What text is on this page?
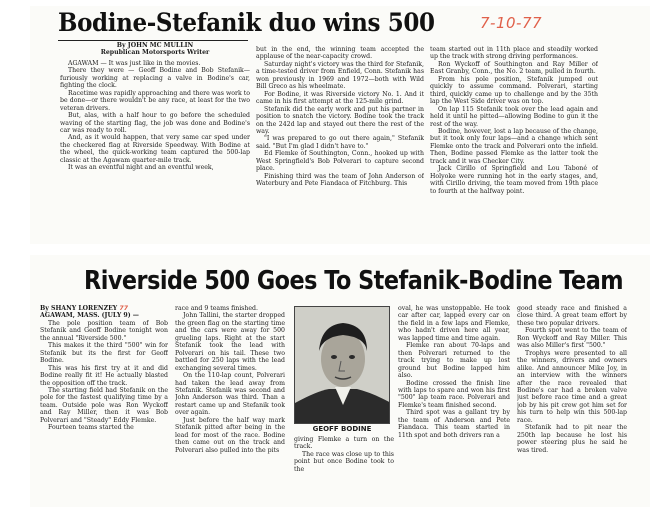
Bodine-Stefanik duo wins 500	7-10-77

By JOHN MC MULLIN

Republican Motorsports Writer

AGAWAM — It was just like in the movies.

There they were — Geoff Bodine and Bob Stefanik—furiously working at replacing a valve in Bodine's car, fighting the clock.

Racetime was rapidly approaching and there was work to be done—or there wouldn't be any race, at least for the two veteran drivers.

But, alas, with a half hour to go before the scheduled waving of the starting flag, the job was done and Bodine's car was ready to roll.

And, as it would happen, that very same car sped under the checkered flag at Riverside Speedway. With Bodine at the wheel, the quick-working team captured the 500-lap classic at the Agawam quarter-mile track.

It was an eventful night and an eventful week,

but in the end, the winning team accepted the applause of the near-capacity crowd.

Saturday night's victory was the third for Stefanik, a time-tested driver from Enfield, Conn. Stefanik has won previously in 1969 and 1972—both with Wild Bill Greco as his wheelmate.

For Bodine, it was Riverside victory No. 1. And it came in his first attempt at the 125-mile grind.

Stefanik did the early work and put his partner in position to snatch the victory. Bodine took the track on the 242d lap and stayed out there the rest of the way.

"I was prepared to go out there again," Stefanik said. "But I'm glad I didn't have to."

Ed Flemke of Southington, Conn., hooked up with West Springfield's Bob Polverari to capture second place.

Finishing third was the team of John Anderson of Waterbury and Pete Fiandaca of Fitchburg. This

team started out in 11th place and steadily worked up the track with strong driving performances.

Ron Wyckoff of Southington and Ray Miller of East Granby, Conn., the No. 2 team, pulled in fourth.

From his pole position, Stefanik jumped out quickly to assume command. Polverari, starting third, quickly came up to challenge and by the 35th lap the West Side driver was on top.

On lap 115 Stefanik took over the lead again and held it until he pitted—allowing Bodine to gun it the rest of the way.

Bodine, however, lost a lap because of the change, but it took only four laps—and a change which sent Flemke onto the track and Polverari onto the infield. Then, Bodine passed Flemke as the latter took the track and it was Checker City.

Jack Cirillo of Springfield and Lou Taboné of Holyoke were running hot in the early stages, and, with Cirillo driving, the team moved from 19th place to fourth at the halfway point.

Riverside 500 Goes To Stefanik-Bodine Team

By SHANY LORENZEY 77

AGAWAM, MASS. (JULY 9) —

The pole position team of Bob Stefanik and Geoff Bodine tonight won the annual "Riverside 500."

This makes it the third "500" win for Stefanik but its the first for Geoff Bodine.

This was his first try at it and did Bodine really fit it! He actually blasted the opposition off the track.

The starting field had Stefanik on the pole for the fastest qualifying time by a team. Outside pole was Ron Wyckoff and Ray Miller, then it was Bob Polverari and "Steady" Eddy Flemke.

Fourteen teams started the

race and 9 teams finished.

John Tallini, the starter dropped the green flag on the starting time and the cars were away for 500 grueling laps. Right at the start Stefanik took the lead with Polverari on his tail. These two battled for 250 laps with the lead exchanging several times.

On the 110-lap count, Polverari had taken the lead away from Stefanik. Stefanik was second and John Anderson was third. Than a restart came up and Stefanik took over again.

Just before the half way mark Stefanik pitted after being in the lead for most of the race. Bodine then came out on the track and Polverari also pulled into the pits

GEOFF BODINE

giving Flemke a turn on the track.

The race was close up to this point but once Bodine took to the

oval, he was unstoppable. He took car after car, lapped every car on the field in a few laps and Flemke, who hadn't driven here all year, was lapped time and time again.

Flemke ran about 70-laps and then Polverari returned to the track trying to make up lost ground but Bodine lapped him also.

Bodine crossed the finish line with laps to spare and won his first "500" lap team race. Polverari and Flemke's team finished second.

Third spot was a gallant try by the team of Anderson and Pete Fiandaca. This team started in 11th spot and both drivers ran a

good steady race and finished a close third. A great team effort by these two popular drivers.

Fourth spot went to the team of Ron Wyckoff and Ray Miller. This was also Miller's first "500."

Trophys were presented to all the winners, drivers and owners alike. And announcer Mike Joy, in an interview with the winners after the race revealed that Bodine's car had a broken valve just before race time and a great job by his pit crew got him set for his turn to help win this 500-lap race.

Stefanik had to pit near the 250th lap because he lost his power steering plus he said he was tired.
